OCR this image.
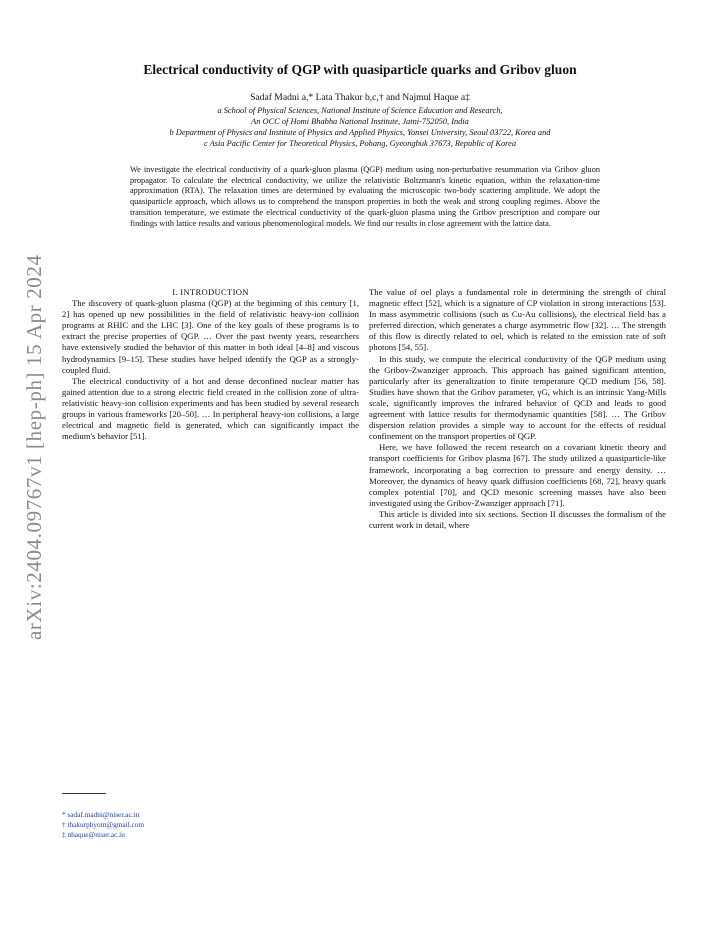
arXiv:2404.09767v1 [hep-ph] 15 Apr 2024
Electrical conductivity of QGP with quasiparticle quarks and Gribov gluon
Sadaf Madni a,* Lata Thakur b,c,† and Najmul Haque a‡
a School of Physical Sciences, National Institute of Science Education and Research,
An OCC of Homi Bhabha National Institute, Jatni-752050, India
b Department of Physics and Institute of Physics and Applied Physics, Yonsei University, Seoul 03722, Korea and
c Asia Pacific Center for Theoretical Physics, Pohang, Gyeongbuk 37673, Republic of Korea
We investigate the electrical conductivity of a quark-gluon plasma (QGP) medium using non-perturbative resummation via Gribov gluon propagator. To calculate the electrical conductivity, we utilize the relativistic Boltzmann's kinetic equation, within the relaxation-time approximation (RTA). The relaxation times are determined by evaluating the microscopic two-body scattering amplitude. We adopt the quasiparticle approach, which allows us to comprehend the transport properties in both the weak and strong coupling regimes. Above the transition temperature, we estimate the electrical conductivity of the quark-gluon plasma using the Gribov prescription and compare our findings with lattice results and various phenomenological models. We find our results in close agreement with the lattice data.

I. INTRODUCTION

The discovery of quark-gluon plasma (QGP) at the beginning of this century [1, 2] has opened up new possibilities in the field of relativistic heavy-ion collision programs at RHIC and the LHC [3]. One of the key goals of these programs is to extract the precise properties of QGP. … Over the past twenty years, researchers have extensively studied the behavior of this matter in both ideal [4–8] and viscous hydrodynamics [9–15]. These studies have helped identify the QGP as a strongly-coupled fluid.

The electrical conductivity of a hot and dense deconfined nuclear matter has gained attention due to a strong electric field created in the collision zone of ultra-relativistic heavy-ion collision experiments and has been studied by several research groups in various frameworks [20–50]. … In peripheral heavy-ion collisions, a large electrical and magnetic field is generated, which can significantly impact the medium's behavior [51].

The value of σel plays a fundamental role in determining the strength of chiral magnetic effect [52], which is a signature of CP violation in strong interactions [53]. In mass asymmetric collisions (such as Cu-Au collisions), the electrical field has a preferred direction, which generates a charge asymmetric flow [32]. … The strength of this flow is directly related to σel, which is related to the emission rate of soft photons [54, 55].

In this study, we compute the electrical conductivity of the QGP medium using the Gribov-Zwanziger approach. This approach has gained significant attention, particularly after its generalization to finite temperature QCD medium [56, 58]. Studies have shown that the Gribov parameter, γG, which is an intrinsic Yang-Mills scale, significantly improves the infrared behavior of QCD and leads to good agreement with lattice results for thermodynamic quantities [58]. … The Gribov dispersion relation provides a simple way to account for the effects of residual confinement on the transport properties of QGP.

Here, we have followed the recent research on a covariant kinetic theory and transport coefficients for Gribov plasma [67]. The study utilized a quasiparticle-like framework, incorporating a bag correction to pressure and energy density. … Moreover, the dynamics of heavy quark diffusion coefficients [68, 72], heavy quark complex potential [70], and QCD mesonic screening masses have also been investigated using the Gribov-Zwanziger approach [71].

This article is divided into six sections. Section II discusses the formalism of the current work in detail, where

* sadaf.madni@niser.ac.in
† thakurphyom@gmail.com
‡ nhaque@niser.ac.in
